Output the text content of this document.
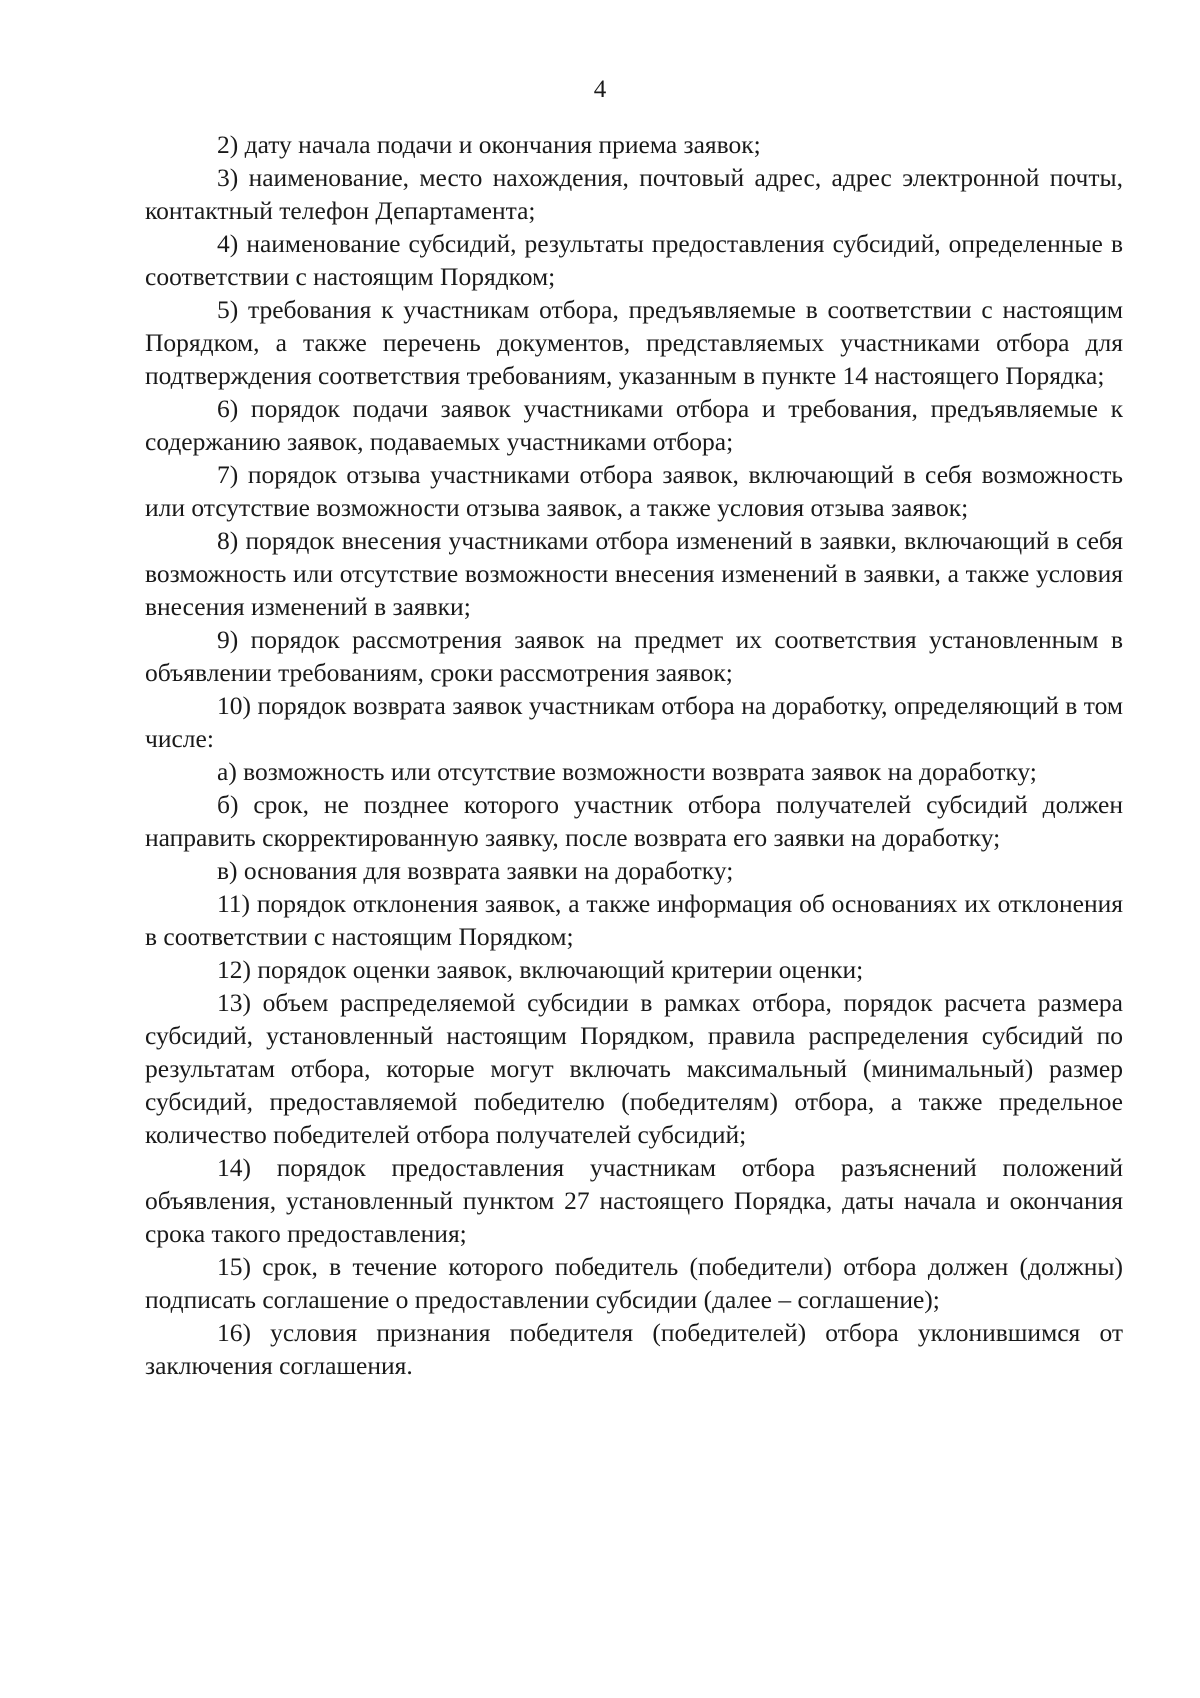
4

2) дату начала подачи и окончания приема заявок;

3) наименование, место нахождения, почтовый адрес, адрес электронной почты, контактный телефон Департамента;

4) наименование субсидий, результаты предоставления субсидий, определенные в соответствии с настоящим Порядком;

5) требования к участникам отбора, предъявляемые в соответствии с настоящим Порядком, а также перечень документов, представляемых участниками отбора для подтверждения соответствия требованиям, указанным в пункте 14 настоящего Порядка;

6) порядок подачи заявок участниками отбора и требования, предъявляемые к содержанию заявок, подаваемых участниками отбора;

7) порядок отзыва участниками отбора заявок, включающий в себя возможность или отсутствие возможности отзыва заявок, а также условия отзыва заявок;

8) порядок внесения участниками отбора изменений в заявки, включающий в себя возможность или отсутствие возможности внесения изменений в заявки, а также условия внесения изменений в заявки;

9) порядок рассмотрения заявок на предмет их соответствия установленным в объявлении требованиям, сроки рассмотрения заявок;

10) порядок возврата заявок участникам отбора на доработку, определяющий в том числе:

а) возможность или отсутствие возможности возврата заявок на доработку;

б) срок, не позднее которого участник отбора получателей субсидий должен направить скорректированную заявку, после возврата его заявки на доработку;

в) основания для возврата заявки на доработку;

11) порядок отклонения заявок, а также информация об основаниях их отклонения в соответствии с настоящим Порядком;

12) порядок оценки заявок, включающий критерии оценки;

13) объем распределяемой субсидии в рамках отбора, порядок расчета размера субсидий, установленный настоящим Порядком, правила распределения субсидий по результатам отбора, которые могут включать максимальный (минимальный) размер субсидий, предоставляемой победителю (победителям) отбора, а также предельное количество победителей отбора получателей субсидий;

14) порядок предоставления участникам отбора разъяснений положений объявления, установленный пунктом 27 настоящего Порядка, даты начала и окончания срока такого предоставления;

15) срок, в течение которого победитель (победители) отбора должен (должны) подписать соглашение о предоставлении субсидии (далее – соглашение);

16) условия признания победителя (победителей) отбора уклонившимся от заключения соглашения.
